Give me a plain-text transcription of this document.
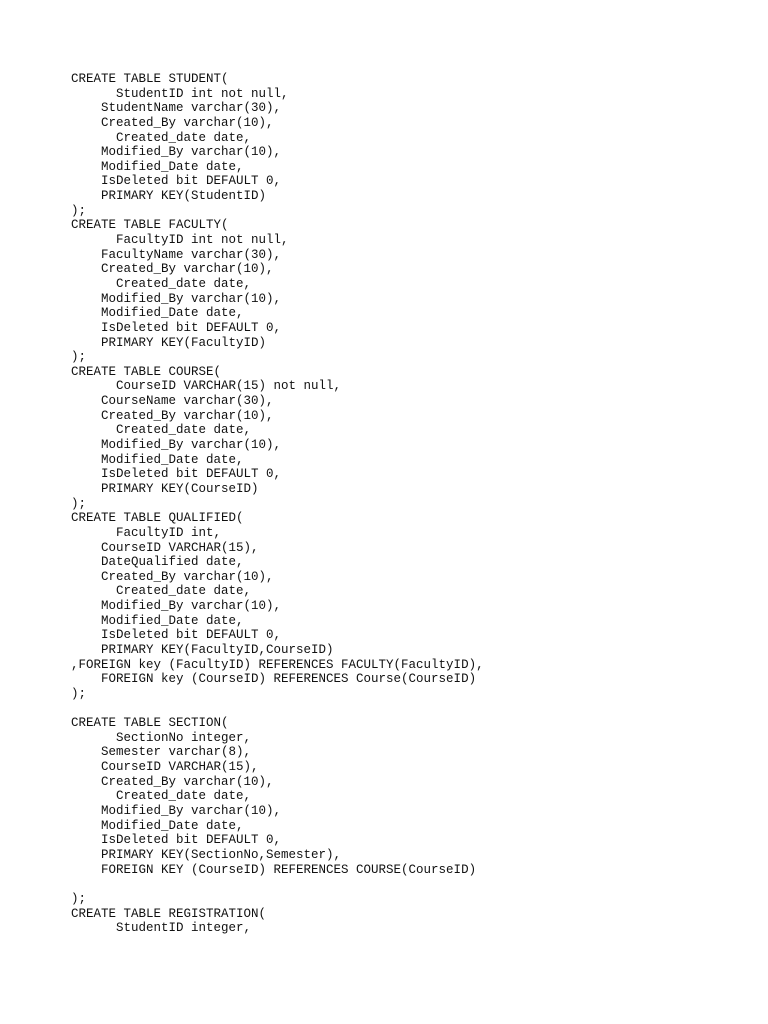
CREATE TABLE STUDENT(
StudentID int not null,
StudentName varchar(30),
Created_By varchar(10),
Created_date date,
Modified_By varchar(10),
Modified_Date date,
IsDeleted bit DEFAULT 0,
PRIMARY KEY(StudentID)
);
CREATE TABLE FACULTY(
FacultyID int not null,
FacultyName varchar(30),
Created_By varchar(10),
Created_date date,
Modified_By varchar(10),
Modified_Date date,
IsDeleted bit DEFAULT 0,
PRIMARY KEY(FacultyID)
);
CREATE TABLE COURSE(
CourseID VARCHAR(15) not null,
CourseName varchar(30),
Created_By varchar(10),
Created_date date,
Modified_By varchar(10),
Modified_Date date,
IsDeleted bit DEFAULT 0,
PRIMARY KEY(CourseID)
);
CREATE TABLE QUALIFIED(
FacultyID int,
CourseID VARCHAR(15),
DateQualified date,
Created_By varchar(10),
Created_date date,
Modified_By varchar(10),
Modified_Date date,
IsDeleted bit DEFAULT 0,
PRIMARY KEY(FacultyID,CourseID)
,FOREIGN key (FacultyID) REFERENCES FACULTY(FacultyID),
FOREIGN key (CourseID) REFERENCES Course(CourseID)
);
CREATE TABLE SECTION(
SectionNo integer,
Semester varchar(8),
CourseID VARCHAR(15),
Created_By varchar(10),
Created_date date,
Modified_By varchar(10),
Modified_Date date,
IsDeleted bit DEFAULT 0,
PRIMARY KEY(SectionNo,Semester),
FOREIGN KEY (CourseID) REFERENCES COURSE(CourseID)
);
CREATE TABLE REGISTRATION(
StudentID integer,
